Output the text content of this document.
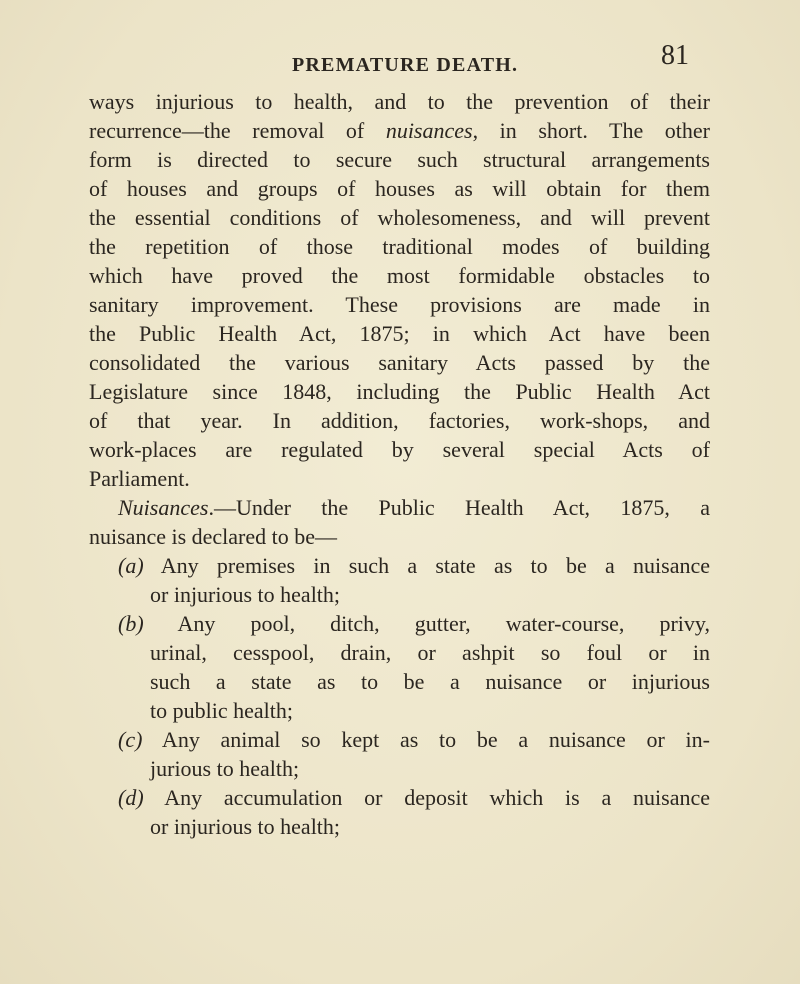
PREMATURE DEATH.	81
ways injurious to health, and to the prevention of their
recurrence—the removal of nuisances, in short. The other
form is directed to secure such structural arrangements
of houses and groups of houses as will obtain for them
the essential conditions of wholesomeness, and will prevent
the repetition of those traditional modes of building
which have proved the most formidable obstacles to
sanitary improvement. These provisions are made in
the Public Health Act, 1875; in which Act have been
consolidated the various sanitary Acts passed by the
Legislature since 1848, including the Public Health Act
of that year. In addition, factories, work-shops, and
work-places are regulated by several special Acts of
Parliament.
Nuisances.—Under the Public Health Act, 1875, a
nuisance is declared to be—
(a) Any premises in such a state as to be a nuisance
or injurious to health;
(b) Any pool, ditch, gutter, water-course, privy,
urinal, cesspool, drain, or ashpit so foul or in
such a state as to be a nuisance or injurious
to public health;
(c) Any animal so kept as to be a nuisance or in-
jurious to health;
(d) Any accumulation or deposit which is a nuisance
or injurious to health;
